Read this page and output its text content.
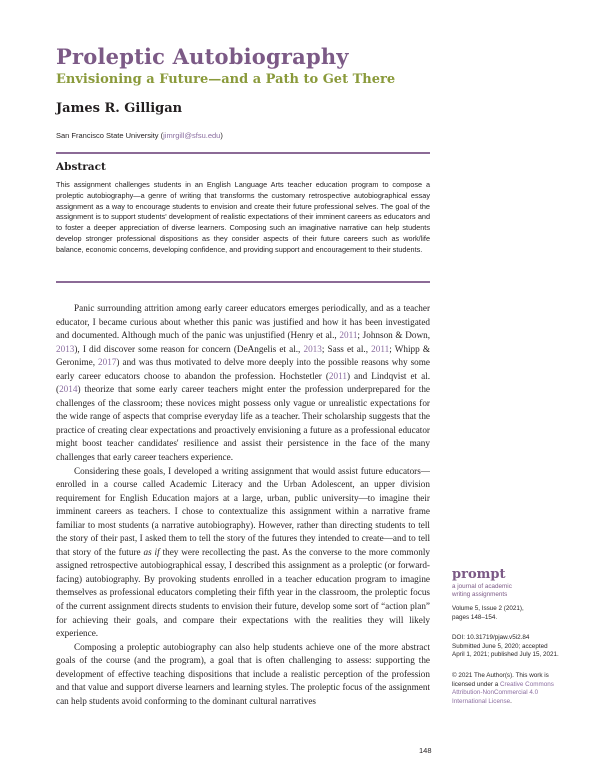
Proleptic Autobiography
Envisioning a Future—and a Path to Get There
James R. Gilligan
San Francisco State University (jimrgill@sfsu.edu)
Abstract
This assignment challenges students in an English Language Arts teacher education program to compose a proleptic autobiography—a genre of writing that transforms the customary retrospective autobiographical essay assignment as a way to encourage students to envision and create their future professional selves. The goal of the assignment is to support students' development of realistic expectations of their imminent careers as educators and to foster a deeper appreciation of diverse learners. Composing such an imaginative narrative can help students develop stronger professional dispositions as they consider aspects of their future careers such as work/life balance, economic concerns, developing confidence, and providing support and encouragement to their students.

Panic surrounding attrition among early career educators emerges periodically, and as a teacher educator, I became curious about whether this panic was justified and how it has been investigated and documented. Although much of the panic was unjustified (Henry et al., 2011; Johnson & Down, 2013), I did discover some reason for concern (DeAngelis et al., 2013; Sass et al., 2011; Whipp & Geronime, 2017) and was thus motivated to delve more deeply into the possible reasons why some early career educators choose to abandon the profession. Hochstetler (2011) and Lindqvist et al. (2014) theorize that some early career teachers might enter the profession underprepared for the challenges of the classroom; these novices might possess only vague or unrealistic expectations for the wide range of aspects that comprise everyday life as a teacher. Their scholarship suggests that the practice of creating clear expectations and proactively envisioning a future as a professional educator might boost teacher candidates' resilience and assist their persistence in the face of the many challenges that early career teachers experience.

Considering these goals, I developed a writing assignment that would assist future educators—enrolled in a course called Academic Literacy and the Urban Adolescent, an upper division requirement for English Education majors at a large, urban, public university—to imagine their imminent careers as teachers. I chose to contextualize this assignment within a narrative frame familiar to most students (a narrative autobiography). However, rather than directing students to tell the story of their past, I asked them to tell the story of the futures they intended to create—and to tell that story of the future as if they were recollecting the past. As the converse to the more commonly assigned retrospective autobiographical essay, I described this assignment as a proleptic (or forward-facing) autobiography. By provoking students enrolled in a teacher education program to imagine themselves as professional educators completing their fifth year in the classroom, the proleptic focus of the current assignment directs students to envision their future, develop some sort of “action plan” for achieving their goals, and compare their expectations with the realities they will likely experience.

Composing a proleptic autobiography can also help students achieve one of the more abstract goals of the course (and the program), a goal that is often challenging to assess: supporting the development of effective teaching dispositions that include a realistic perception of the profession and that value and support diverse learners and learning styles. The proleptic focus of the assignment can help students avoid conforming to the dominant cultural narratives

prompt
a journal of academic
writing assignments
Volume 5, Issue 2 (2021),
pages 148–154.
DOI: 10.31719/pjaw.v5i2.84
Submitted June 5, 2020; accepted
April 1, 2021; published July 15, 2021.
© 2021 The Author(s). This work is
licensed under a Creative Commons
Attribution-NonCommercial 4.0
International License.
148
